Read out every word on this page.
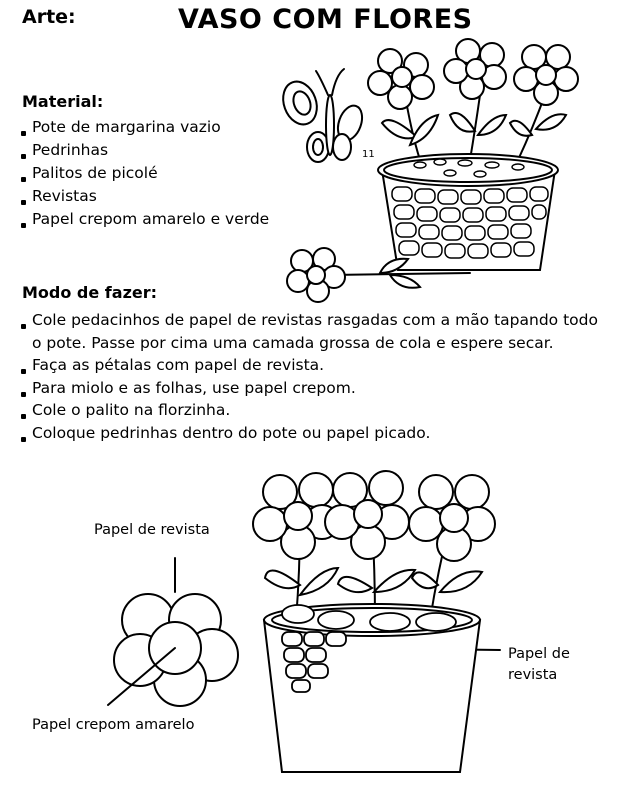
Arte:	VASO COM FLORES
Material:
Pote de margarina vazio
Pedrinhas
Palitos de picolé
Revistas
Papel crepom amarelo e verde
Modo de fazer:
Cole pedacinhos de papel de revistas rasgadas com a mão tapando todo
o pote. Passe por cima uma camada grossa de cola e espere secar.
Faça as pétalas com papel de revista.
Para miolo e as folhas, use papel crepom.
Cole o palito na florzinha.
Coloque pedrinhas dentro do pote ou papel picado.
11
Papel de revista
Papel crepom amarelo
Papel de
revista
